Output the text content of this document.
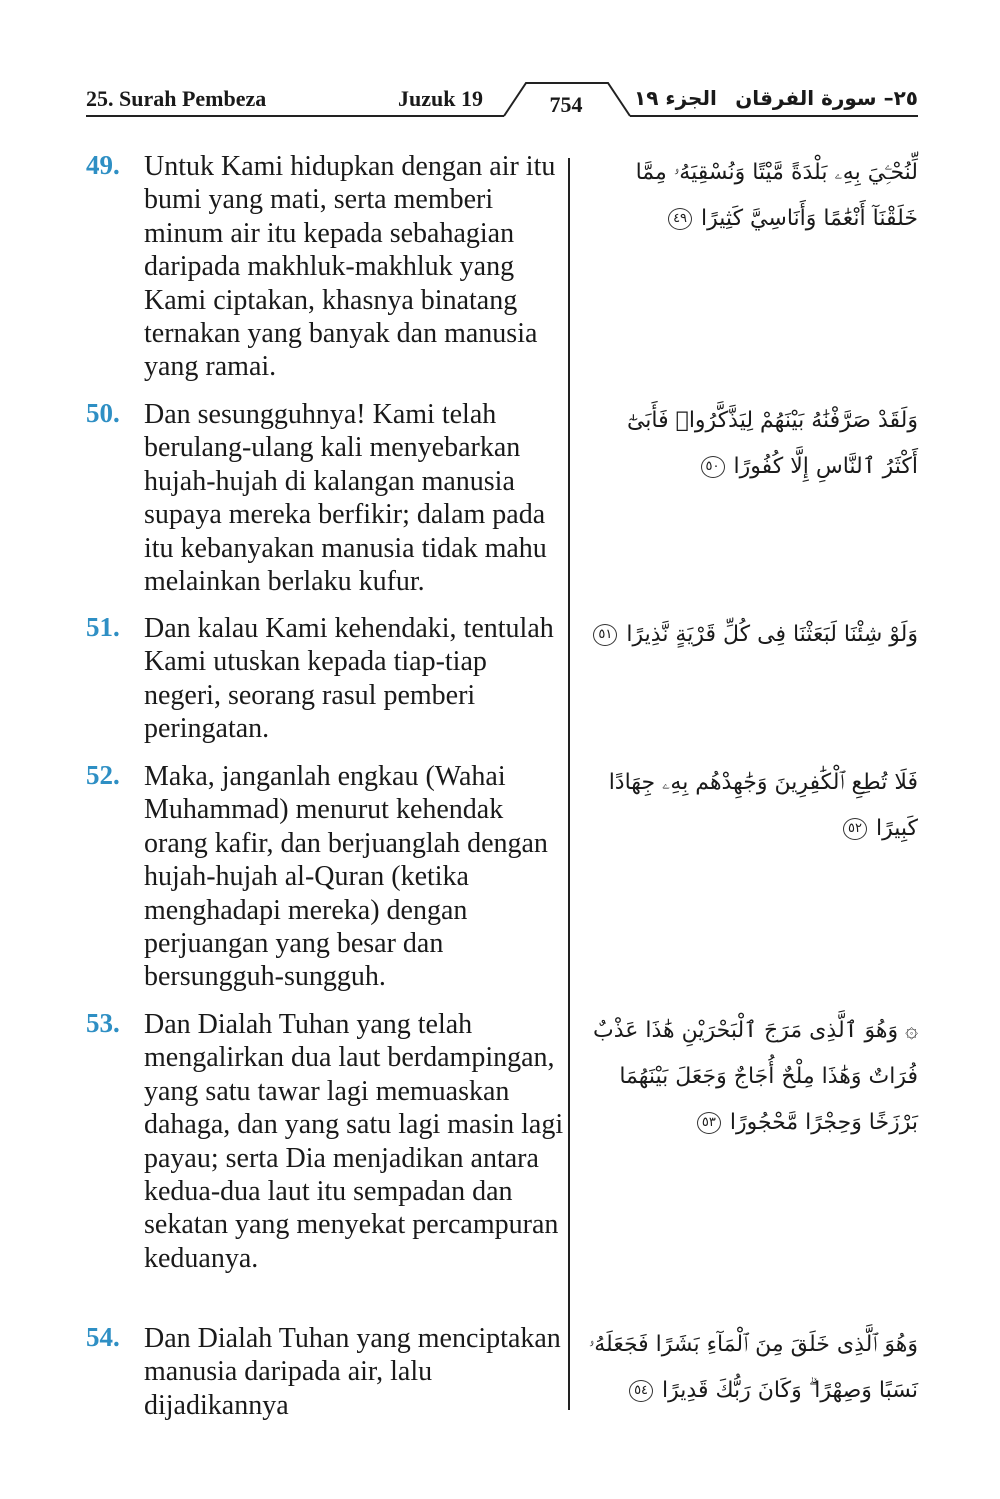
25. Surah Pembeza	Juzuk 19	754	الجزء ١٩ ٢٥– سورة الفرقان
49. Untuk Kami hidupkan dengan air itu bumi yang mati, serta memberi minum air itu kepada sebahagian daripada makhluk-makhluk yang Kami ciptakan, khasnya binatang ternakan yang banyak dan manusia yang ramai.
لِّنُحْـِۧيَ بِهِۦ بَلْدَةً مَّيْتًا وَنُسْقِيَهُۥ مِمَّا خَلَقْنَآ أَنْعَٰمًا وَأَنَاسِيَّ كَثِيرًا ٤٩
50. Dan sesungguhnya! Kami telah berulang-ulang kali menyebarkan hujah-hujah di kalangan manusia supaya mereka berfikir; dalam pada itu kebanyakan manusia tidak mahu melainkan berlaku kufur.
وَلَقَدْ صَرَّفْنَٰهُ بَيْنَهُمْ لِيَذَّكَّرُوا۟ فَأَبَىٰٓ أَكْثَرُ ٱلنَّاسِ إِلَّا كُفُورًا ٥٠
51. Dan kalau Kami kehendaki, tentulah Kami utuskan kepada tiap-tiap negeri, seorang rasul pemberi peringatan.
وَلَوْ شِئْنَا لَبَعَثْنَا فِى كُلِّ قَرْيَةٍ نَّذِيرًا ٥١
52. Maka, janganlah engkau (Wahai Muhammad) menurut kehendak orang kafir, dan berjuanglah dengan hujah-hujah al-Quran (ketika menghadapi mereka) dengan perjuangan yang besar dan bersungguh-sungguh.
فَلَا تُطِعِ ٱلْكَٰفِرِينَ وَجَٰهِدْهُم بِهِۦ جِهَادًا كَبِيرًا ٥٢
53. Dan Dialah Tuhan yang telah mengalirkan dua laut berdampingan, yang satu tawar lagi memuaskan dahaga, dan yang satu lagi masin lagi payau; serta Dia menjadikan antara kedua-dua laut itu sempadan dan sekatan yang menyekat percampuran keduanya.
۞ وَهُوَ ٱلَّذِى مَرَجَ ٱلْبَحْرَيْنِ هَٰذَا عَذْبٌ فُرَاتٌ وَهَٰذَا مِلْحٌ أُجَاجٌ وَجَعَلَ بَيْنَهُمَا بَرْزَخًا وَحِجْرًا مَّحْجُورًا ٥٣
54. Dan Dialah Tuhan yang menciptakan manusia daripada air, lalu dijadikannya
وَهُوَ ٱلَّذِى خَلَقَ مِنَ ٱلْمَآءِ بَشَرًا فَجَعَلَهُۥ نَسَبًا وَصِهْرًا ۗ وَكَانَ رَبُّكَ قَدِيرًا ٥٤
